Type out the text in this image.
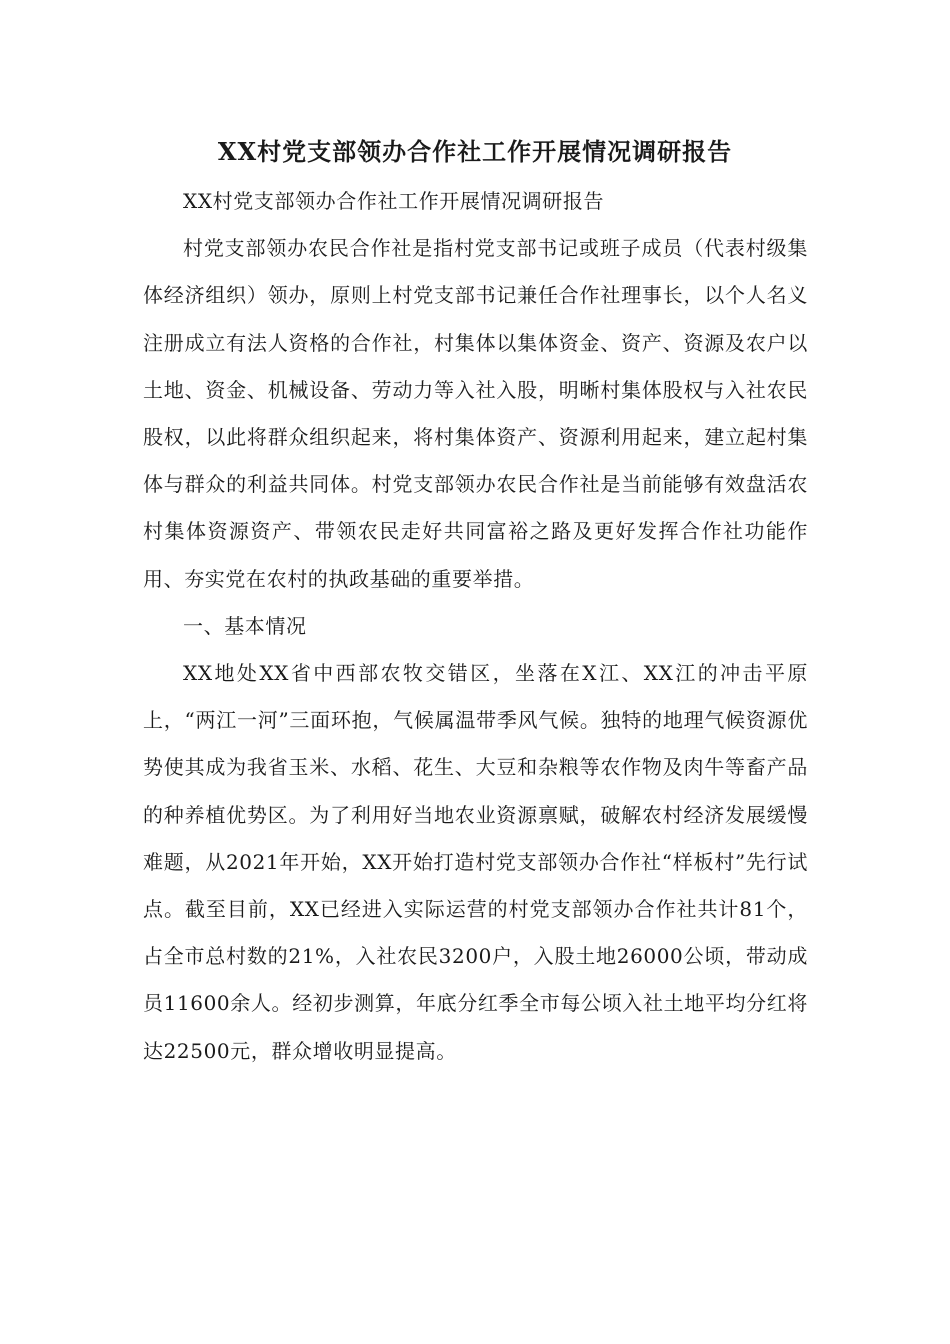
XX村党支部领办合作社工作开展情况调研报告

XX村党支部领办合作社工作开展情况调研报告

村党支部领办农民合作社是指村党支部书记或班子成员（代表村级集体经济组织）领办，原则上村党支部书记兼任合作社理事长，以个人名义注册成立有法人资格的合作社，村集体以集体资金、资产、资源及农户以土地、资金、机械设备、劳动力等入社入股，明晰村集体股权与入社农民股权，以此将群众组织起来，将村集体资产、资源利用起来，建立起村集体与群众的利益共同体。村党支部领办农民合作社是当前能够有效盘活农村集体资源资产、带领农民走好共同富裕之路及更好发挥合作社功能作用、夯实党在农村的执政基础的重要举措。

一、基本情况

XX地处XX省中西部农牧交错区，坐落在X江、XX江的冲击平原上，“两江一河”三面环抱，气候属温带季风气候。独特的地理气候资源优势使其成为我省玉米、水稻、花生、大豆和杂粮等农作物及肉牛等畜产品的种养植优势区。为了利用好当地农业资源禀赋，破解农村经济发展缓慢难题，从2021年开始，XX开始打造村党支部领办合作社“样板村”先行试点。截至目前，XX已经进入实际运营的村党支部领办合作社共计81个，占全市总村数的21%，入社农民3200户，入股土地26000公顷，带动成员11600余人。经初步测算，年底分红季全市每公顷入社土地平均分红将达22500元，群众增收明显提高。
